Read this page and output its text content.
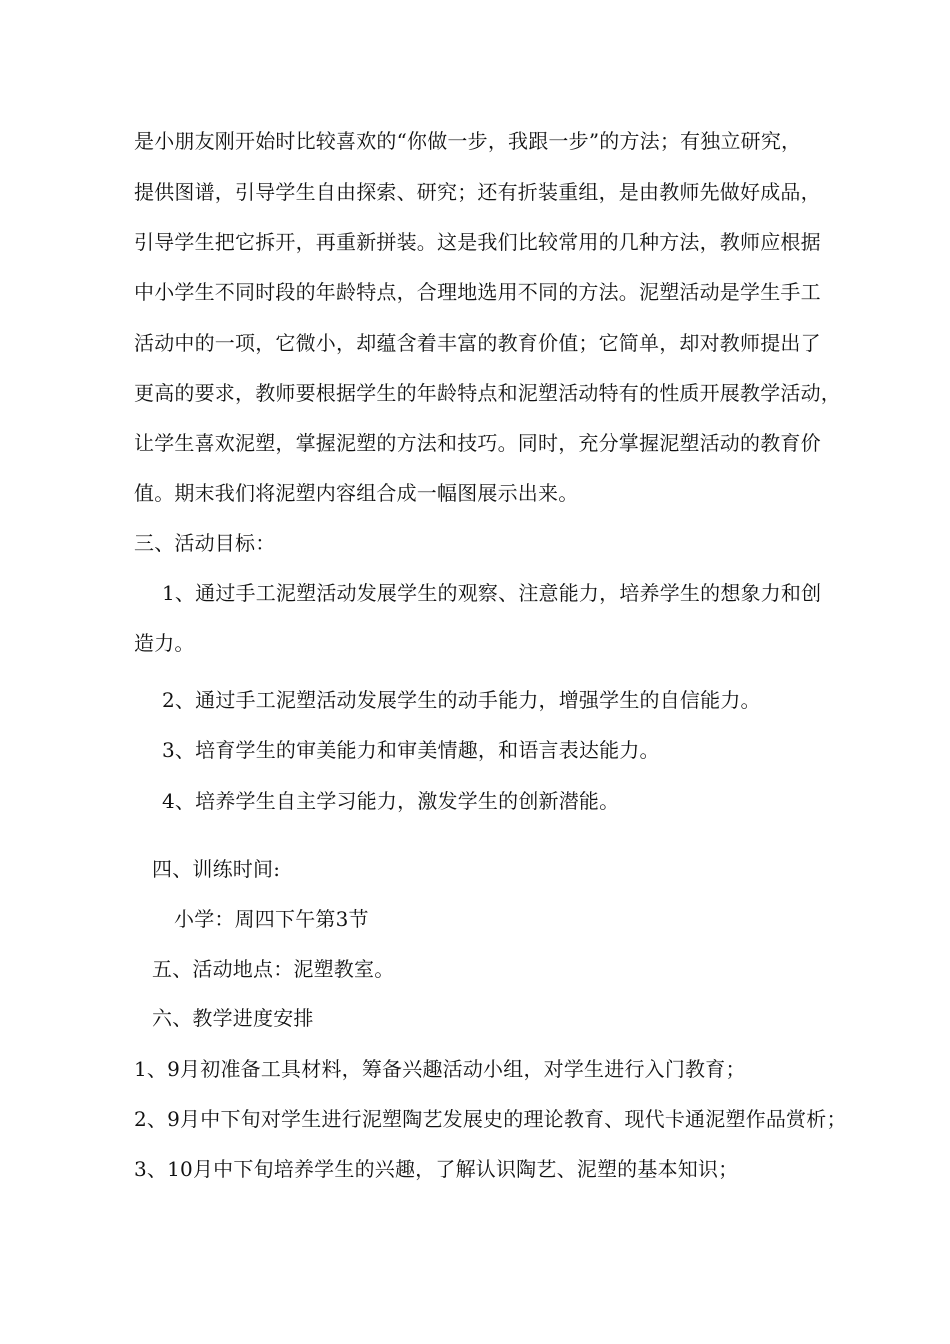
是小朋友刚开始时比较喜欢的“你做一步，我跟一步”的方法；有独立研究，
提供图谱，引导学生自由探索、研究；还有折装重组，是由教师先做好成品，
引导学生把它拆开，再重新拼装。这是我们比较常用的几种方法，教师应根据
中小学生不同时段的年龄特点，合理地选用不同的方法。泥塑活动是学生手工
活动中的一项，它微小，却蕴含着丰富的教育价值；它简单，却对教师提出了
更高的要求，教师要根据学生的年龄特点和泥塑活动特有的性质开展教学活动，
让学生喜欢泥塑，掌握泥塑的方法和技巧。同时，充分掌握泥塑活动的教育价
值。期末我们将泥塑内容组合成一幅图展示出来。
三、活动目标：
1、通过手工泥塑活动发展学生的观察、注意能力，培养学生的想象力和创
造力。
2、通过手工泥塑活动发展学生的动手能力，增强学生的自信能力。
3、培育学生的审美能力和审美情趣，和语言表达能力。
4、培养学生自主学习能力，激发学生的创新潜能。
四、训练时间:
小学：周四下午第3节
五、活动地点：泥塑教室。
六、教学进度安排
1、9月初准备工具材料，筹备兴趣活动小组，对学生进行入门教育；
2、9月中下旬对学生进行泥塑陶艺发展史的理论教育、现代卡通泥塑作品赏析；
3、10月中下旬培养学生的兴趣，了解认识陶艺、泥塑的基本知识；
